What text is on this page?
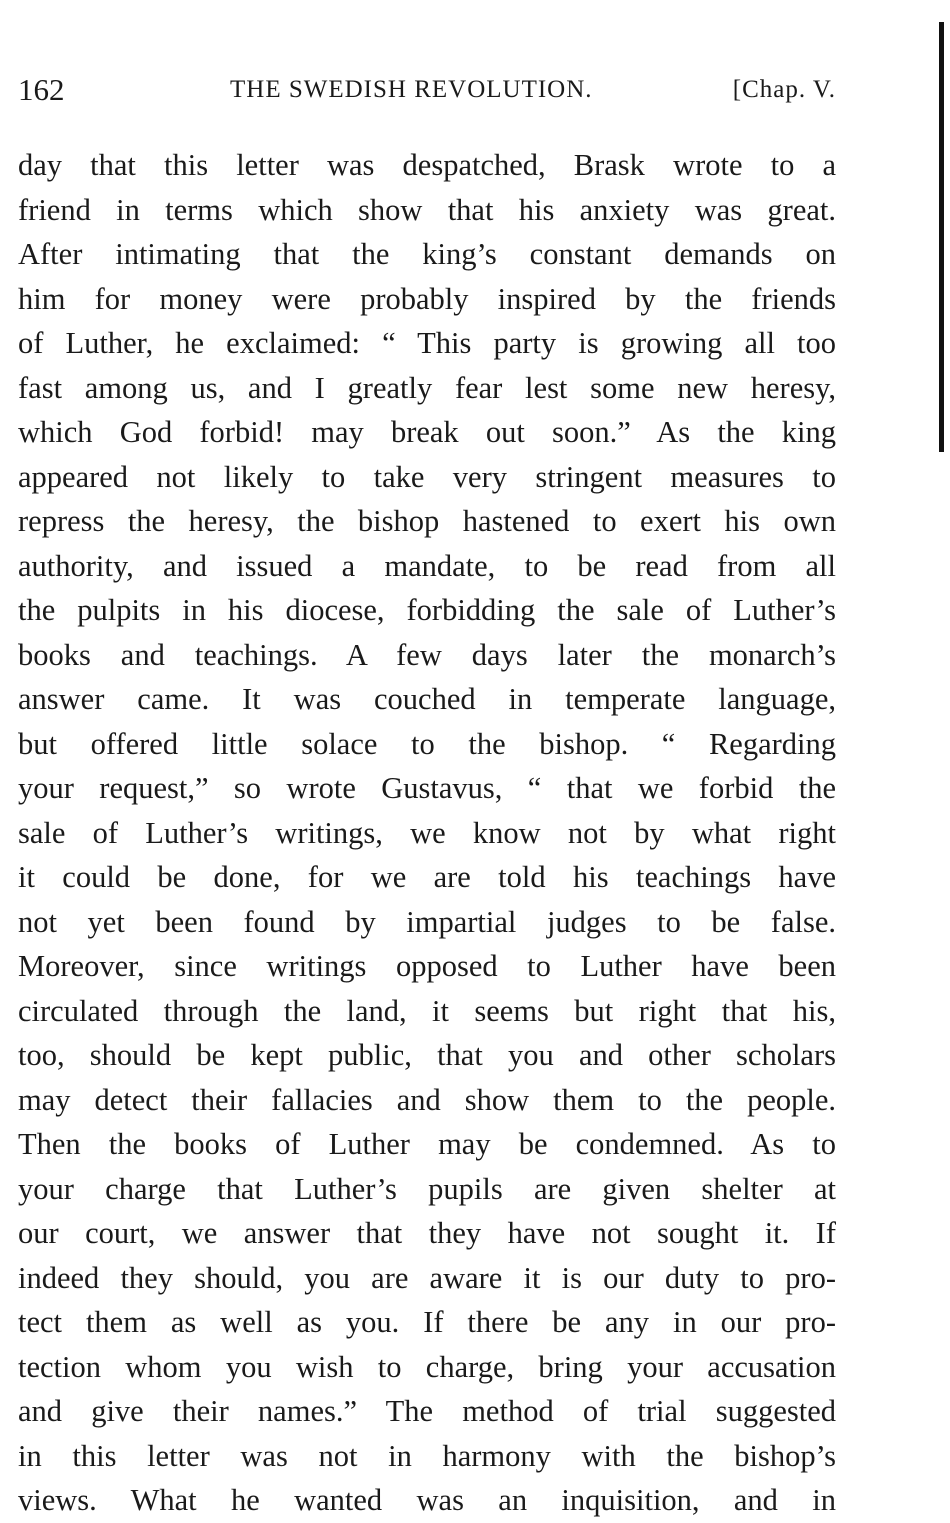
162	THE SWEDISH REVOLUTION.	[Chap. V.
day that this letter was despatched, Brask wrote to a
friend in terms which show that his anxiety was great.
After intimating that the king’s constant demands on
him for money were probably inspired by the friends
of Luther, he exclaimed: “ This party is growing all too
fast among us, and I greatly fear lest some new heresy,
which God forbid! may break out soon.” As the king
appeared not likely to take very stringent measures to
repress the heresy, the bishop hastened to exert his own
authority, and issued a mandate, to be read from all
the pulpits in his diocese, forbidding the sale of Luther’s
books and teachings. A few days later the monarch’s
answer came. It was couched in temperate language,
but offered little solace to the bishop. “ Regarding
your request,” so wrote Gustavus, “ that we forbid the
sale of Luther’s writings, we know not by what right
it could be done, for we are told his teachings have
not yet been found by impartial judges to be false.
Moreover, since writings opposed to Luther have been
circulated through the land, it seems but right that his,
too, should be kept public, that you and other scholars
may detect their fallacies and show them to the people.
Then the books of Luther may be condemned. As to
your charge that Luther’s pupils are given shelter at
our court, we answer that they have not sought it. If
indeed they should, you are aware it is our duty to pro-
tect them as well as you. If there be any in our pro-
tection whom you wish to charge, bring your accusation
and give their names.” The method of trial suggested
in this letter was not in harmony with the bishop’s
views. What he wanted was an inquisition, and in
